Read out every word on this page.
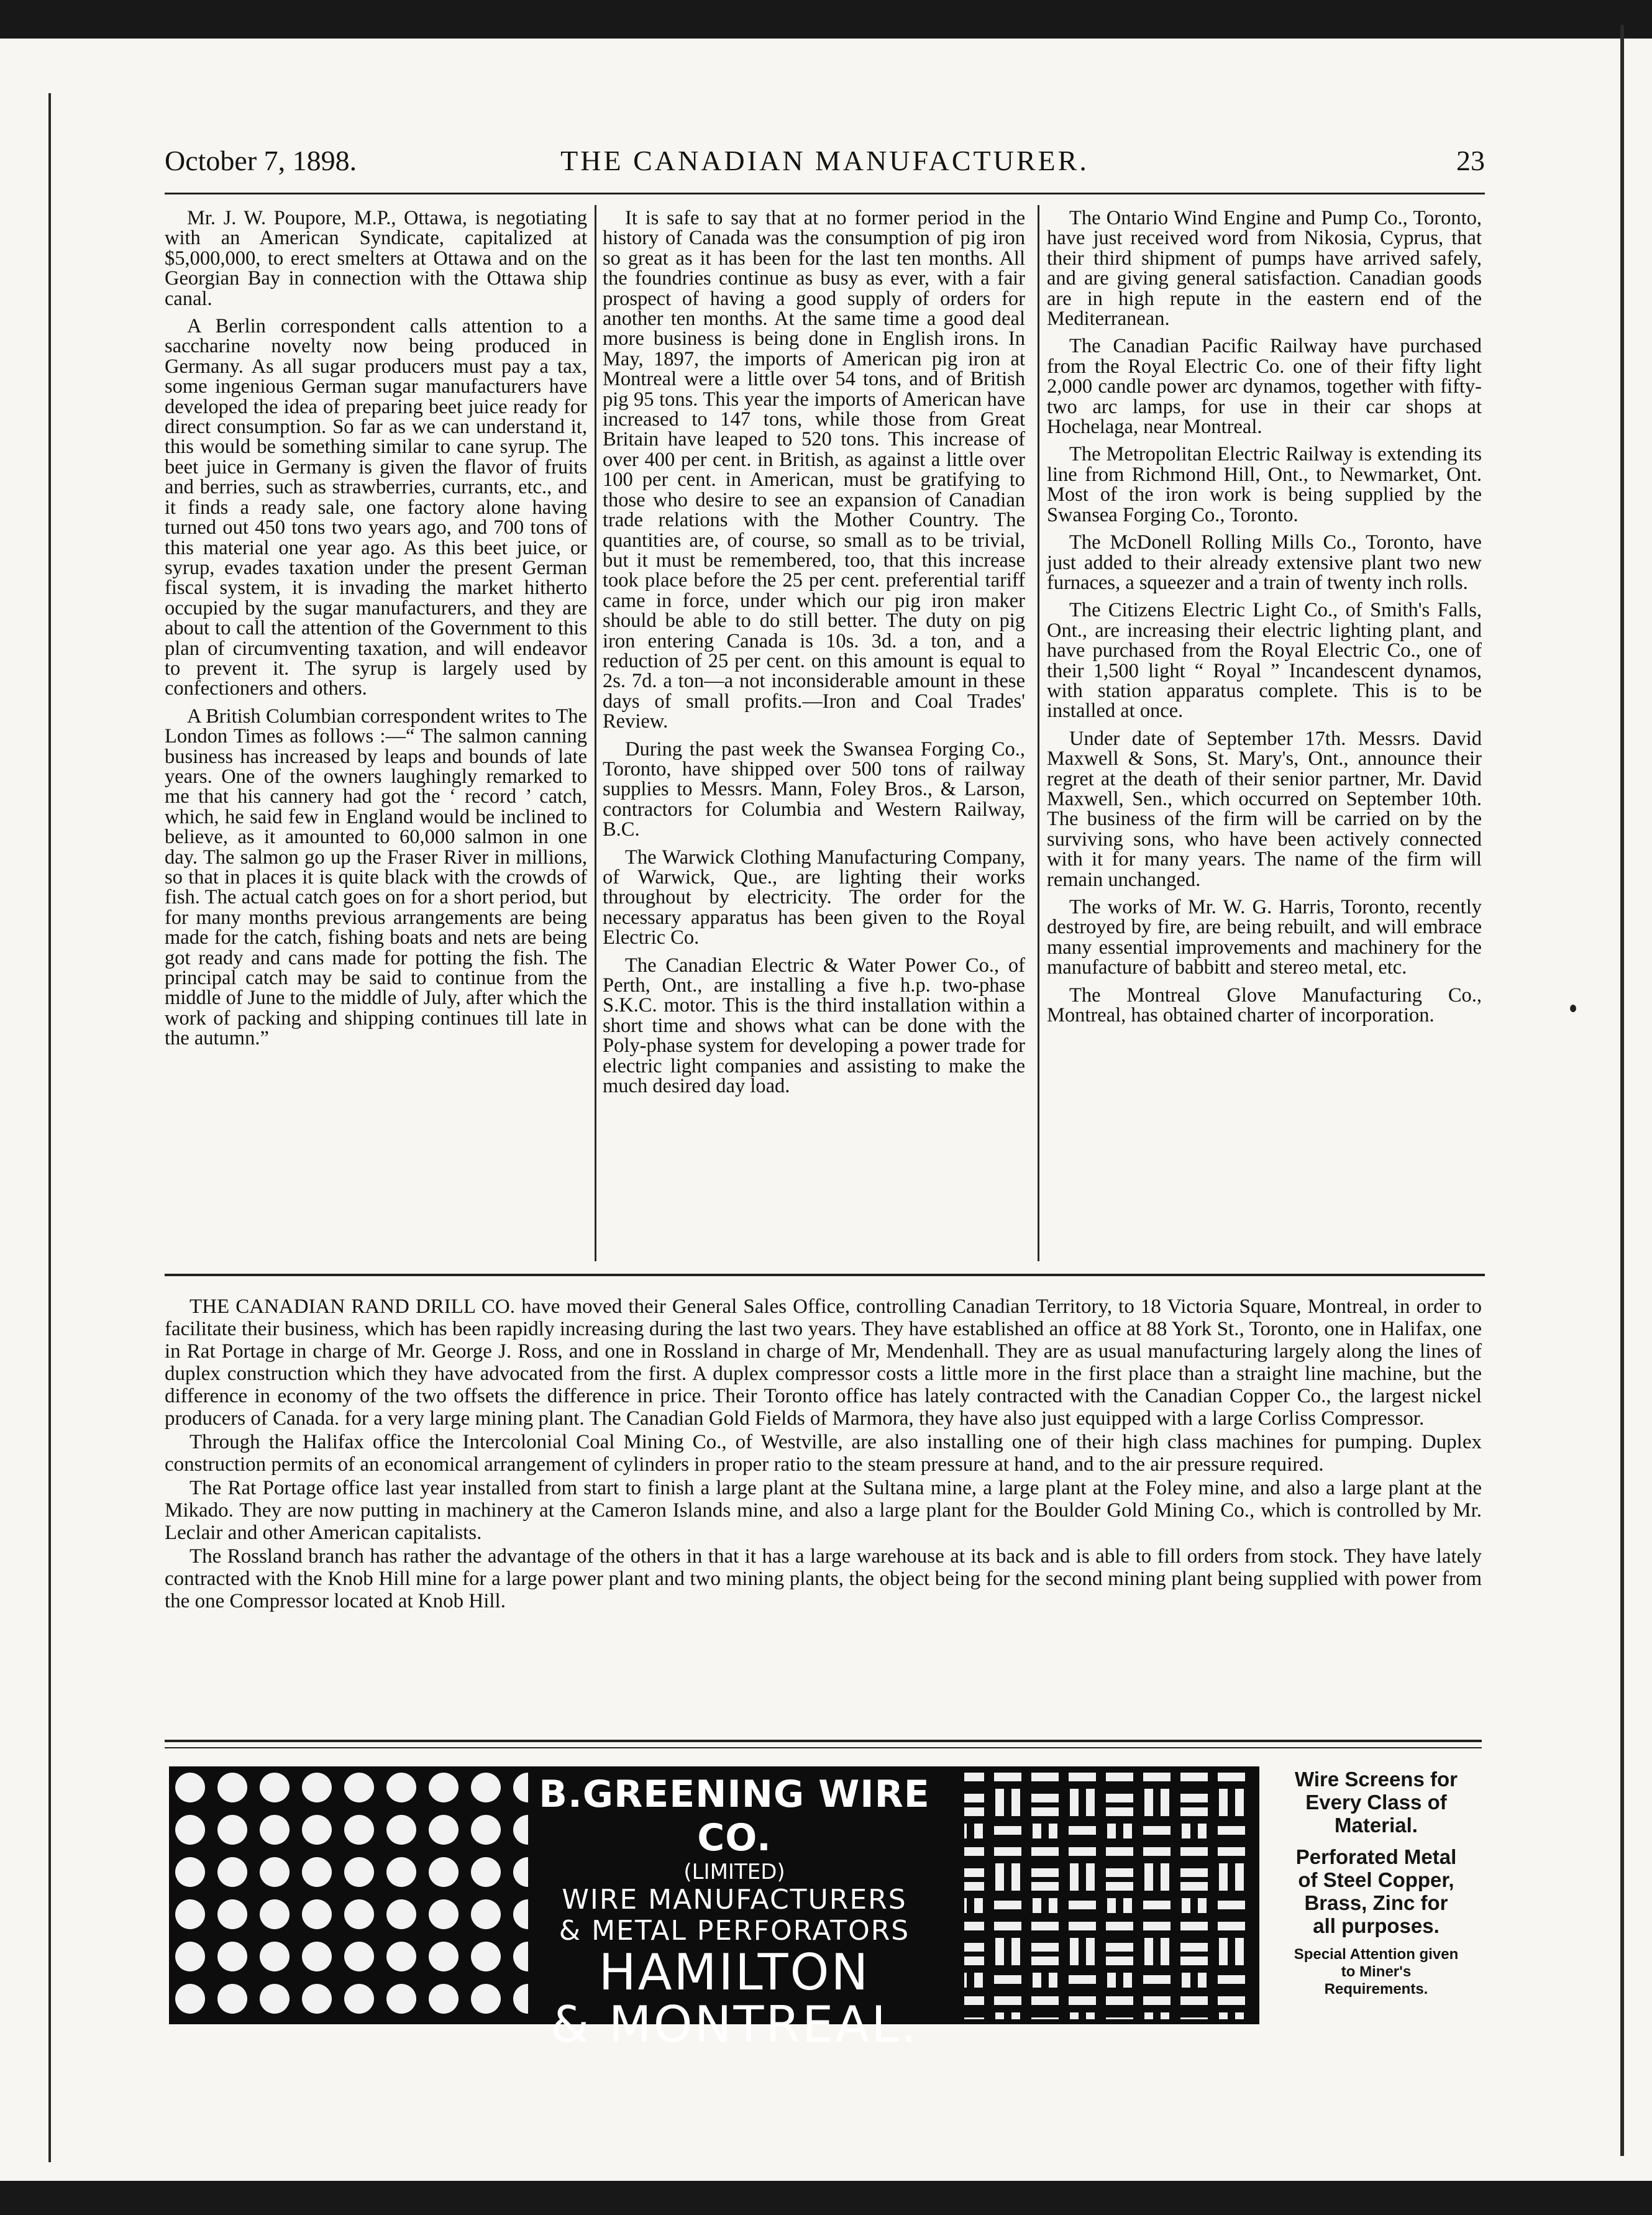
October 7, 1898.	THE CANADIAN MANUFACTURER.	23

Mr. J. W. Poupore, M.P., Ottawa, is negotiating with an American Syndicate, capitalized at $5,000,000, to erect smelters at Ottawa and on the Georgian Bay in connection with the Ottawa ship canal.

A Berlin correspondent calls attention to a saccharine novelty now being produced in Germany. As all sugar producers must pay a tax, some ingenious German sugar manufacturers have developed the idea of preparing beet juice ready for direct consumption. So far as we can understand it, this would be something similar to cane syrup. The beet juice in Germany is given the flavor of fruits and berries, such as strawberries, currants, etc., and it finds a ready sale, one factory alone having turned out 450 tons two years ago, and 700 tons of this material one year ago. As this beet juice, or syrup, evades taxation under the present German fiscal system, it is invading the market hitherto occupied by the sugar manufacturers, and they are about to call the attention of the Government to this plan of circumventing taxation, and will endeavor to prevent it. The syrup is largely used by confectioners and others.

A British Columbian correspondent writes to The London Times as follows :—“ The salmon canning business has increased by leaps and bounds of late years. One of the owners laughingly remarked to me that his cannery had got the ‘ record ’ catch, which, he said few in England would be inclined to believe, as it amounted to 60,000 salmon in one day. The salmon go up the Fraser River in millions, so that in places it is quite black with the crowds of fish. The actual catch goes on for a short period, but for many months previous arrangements are being made for the catch, fishing boats and nets are being got ready and cans made for potting the fish. The principal catch may be said to continue from the middle of June to the middle of July, after which the work of packing and shipping continues till late in the autumn.”

It is safe to say that at no former period in the history of Canada was the consumption of pig iron so great as it has been for the last ten months. All the foundries continue as busy as ever, with a fair prospect of having a good supply of orders for another ten months. At the same time a good deal more business is being done in English irons. In May, 1897, the imports of American pig iron at Montreal were a little over 54 tons, and of British pig 95 tons. This year the imports of American have increased to 147 tons, while those from Great Britain have leaped to 520 tons. This increase of over 400 per cent. in British, as against a little over 100 per cent. in American, must be gratifying to those who desire to see an expansion of Canadian trade relations with the Mother Country. The quantities are, of course, so small as to be trivial, but it must be remembered, too, that this increase took place before the 25 per cent. preferential tariff came in force, under which our pig iron maker should be able to do still better. The duty on pig iron entering Canada is 10s. 3d. a ton, and a reduction of 25 per cent. on this amount is equal to 2s. 7d. a ton—a not inconsiderable amount in these days of small profits.—Iron and Coal Trades' Review.

During the past week the Swansea Forging Co., Toronto, have shipped over 500 tons of railway supplies to Messrs. Mann, Foley Bros., & Larson, contractors for Columbia and Western Railway, B.C.

The Warwick Clothing Manufacturing Company, of Warwick, Que., are lighting their works throughout by electricity. The order for the necessary apparatus has been given to the Royal Electric Co.

The Canadian Electric & Water Power Co., of Perth, Ont., are installing a five h.p. two-phase S.K.C. motor. This is the third installation within a short time and shows what can be done with the Poly-phase system for developing a power trade for electric light companies and assisting to make the much desired day load.

The Ontario Wind Engine and Pump Co., Toronto, have just received word from Nikosia, Cyprus, that their third shipment of pumps have arrived safely, and are giving general satisfaction. Canadian goods are in high repute in the eastern end of the Mediterranean.

The Canadian Pacific Railway have purchased from the Royal Electric Co. one of their fifty light 2,000 candle power arc dynamos, together with fifty-two arc lamps, for use in their car shops at Hochelaga, near Montreal.

The Metropolitan Electric Railway is extending its line from Richmond Hill, Ont., to Newmarket, Ont. Most of the iron work is being supplied by the Swansea Forging Co., Toronto.

The McDonell Rolling Mills Co., Toronto, have just added to their already extensive plant two new furnaces, a squeezer and a train of twenty inch rolls.

The Citizens Electric Light Co., of Smith's Falls, Ont., are increasing their electric lighting plant, and have purchased from the Royal Electric Co., one of their 1,500 light “ Royal ” Incandescent dynamos, with station apparatus complete. This is to be installed at once.

Under date of September 17th. Messrs. David Maxwell & Sons, St. Mary's, Ont., announce their regret at the death of their senior partner, Mr. David Maxwell, Sen., which occurred on September 10th. The business of the firm will be carried on by the surviving sons, who have been actively connected with it for many years. The name of the firm will remain unchanged.

The works of Mr. W. G. Harris, Toronto, recently destroyed by fire, are being rebuilt, and will embrace many essential improvements and machinery for the manufacture of babbitt and stereo metal, etc.

The Montreal Glove Manufacturing Co., Montreal, has obtained charter of incorporation.

THE CANADIAN RAND DRILL CO. have moved their General Sales Office, controlling Canadian Territory, to 18 Victoria Square, Montreal, in order to facilitate their business, which has been rapidly increasing during the last two years. They have established an office at 88 York St., Toronto, one in Halifax, one in Rat Portage in charge of Mr. George J. Ross, and one in Rossland in charge of Mr, Mendenhall. They are as usual manufacturing largely along the lines of duplex construction which they have advocated from the first. A duplex compressor costs a little more in the first place than a straight line machine, but the difference in economy of the two offsets the difference in price. Their Toronto office has lately contracted with the Canadian Copper Co., the largest nickel producers of Canada. for a very large mining plant. The Canadian Gold Fields of Marmora, they have also just equipped with a large Corliss Compressor.

Through the Halifax office the Intercolonial Coal Mining Co., of Westville, are also installing one of their high class machines for pumping. Duplex construction permits of an economical arrangement of cylinders in proper ratio to the steam pressure at hand, and to the air pressure required.

The Rat Portage office last year installed from start to finish a large plant at the Sultana mine, a large plant at the Foley mine, and also a large plant at the Mikado. They are now putting in machinery at the Cameron Islands mine, and also a large plant for the Boulder Gold Mining Co., which is controlled by Mr. Leclair and other American capitalists.

The Rossland branch has rather the advantage of the others in that it has a large warehouse at its back and is able to fill orders from stock. They have lately contracted with the Knob Hill mine for a large power plant and two mining plants, the object being for the second mining plant being supplied with power from the one Compressor located at Knob Hill.

B.GREENING WIRE CO.
(LIMITED)
WIRE MANUFACTURERS
& METAL PERFORATORS
HAMILTON
& MONTREAL.
Wire Screens for Every Class of Material.
Perforated Metal of Steel Copper, Brass, Zinc for all purposes.
Special Attention given to Miner's Requirements.
